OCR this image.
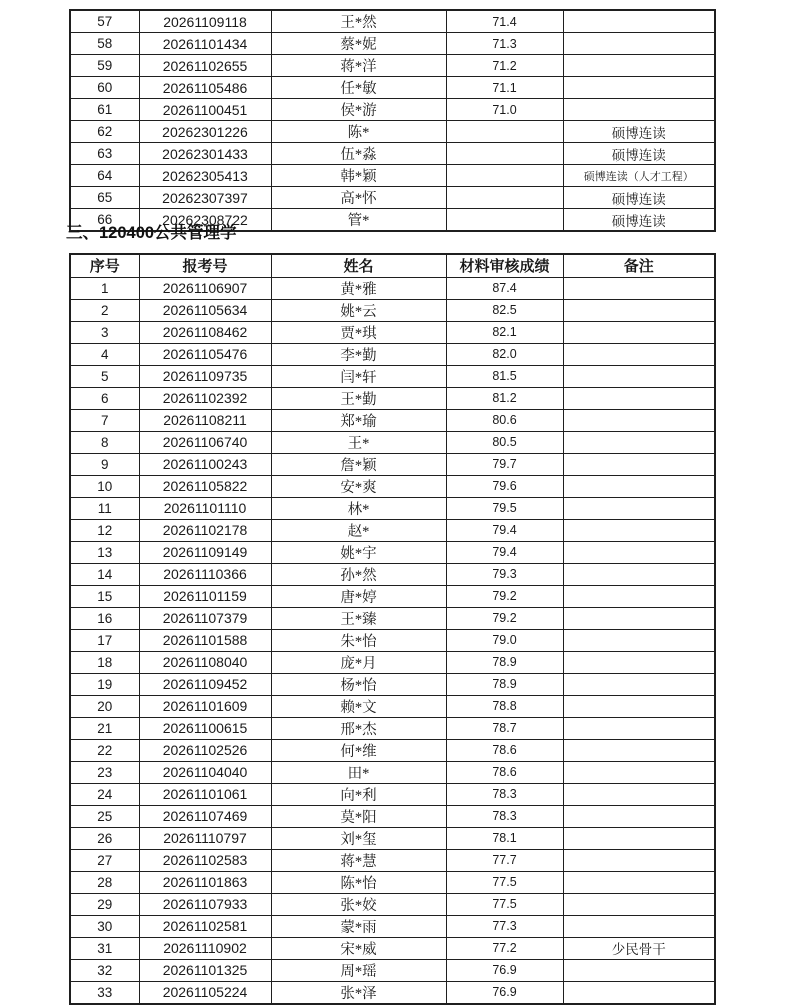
57	20261109118	王*然	71.4	
58	20261101434	蔡*妮	71.3	
59	20261102655	蒋*洋	71.2	
60	20261105486	任*敏	71.1	
61	20261100451	侯*游	71.0	
62	20262301226	陈*		硕博连读
63	20262301433	伍*淼		硕博连读
64	20262305413	韩*颖		硕博连读（人才工程）
65	20262307397	高*怀		硕博连读
66	20262308722	管*		硕博连读
三、120400公共管理学
序号	报考号	姓名	材料审核成绩	备注
1	20261106907	黄*雅	87.4	
2	20261105634	姚*云	82.5	
3	20261108462	贾*琪	82.1	
4	20261105476	李*勤	82.0	
5	20261109735	闫*轩	81.5	
6	20261102392	王*勤	81.2	
7	20261108211	郑*瑜	80.6	
8	20261106740	王*	80.5	
9	20261100243	詹*颖	79.7	
10	20261105822	安*爽	79.6	
11	20261101110	林*	79.5	
12	20261102178	赵*	79.4	
13	20261109149	姚*宇	79.4	
14	20261110366	孙*然	79.3	
15	20261101159	唐*婷	79.2	
16	20261107379	王*臻	79.2	
17	20261101588	朱*怡	79.0	
18	20261108040	庞*月	78.9	
19	20261109452	杨*怡	78.9	
20	20261101609	赖*文	78.8	
21	20261100615	邢*杰	78.7	
22	20261102526	何*维	78.6	
23	20261104040	田*	78.6	
24	20261101061	向*利	78.3	
25	20261107469	莫*阳	78.3	
26	20261110797	刘*玺	78.1	
27	20261102583	蒋*慧	77.7	
28	20261101863	陈*怡	77.5	
29	20261107933	张*姣	77.5	
30	20261102581	蒙*雨	77.3	
31	20261110902	宋*威	77.2	少民骨干
32	20261101325	周*瑶	76.9	
33	20261105224	张*泽	76.9	
